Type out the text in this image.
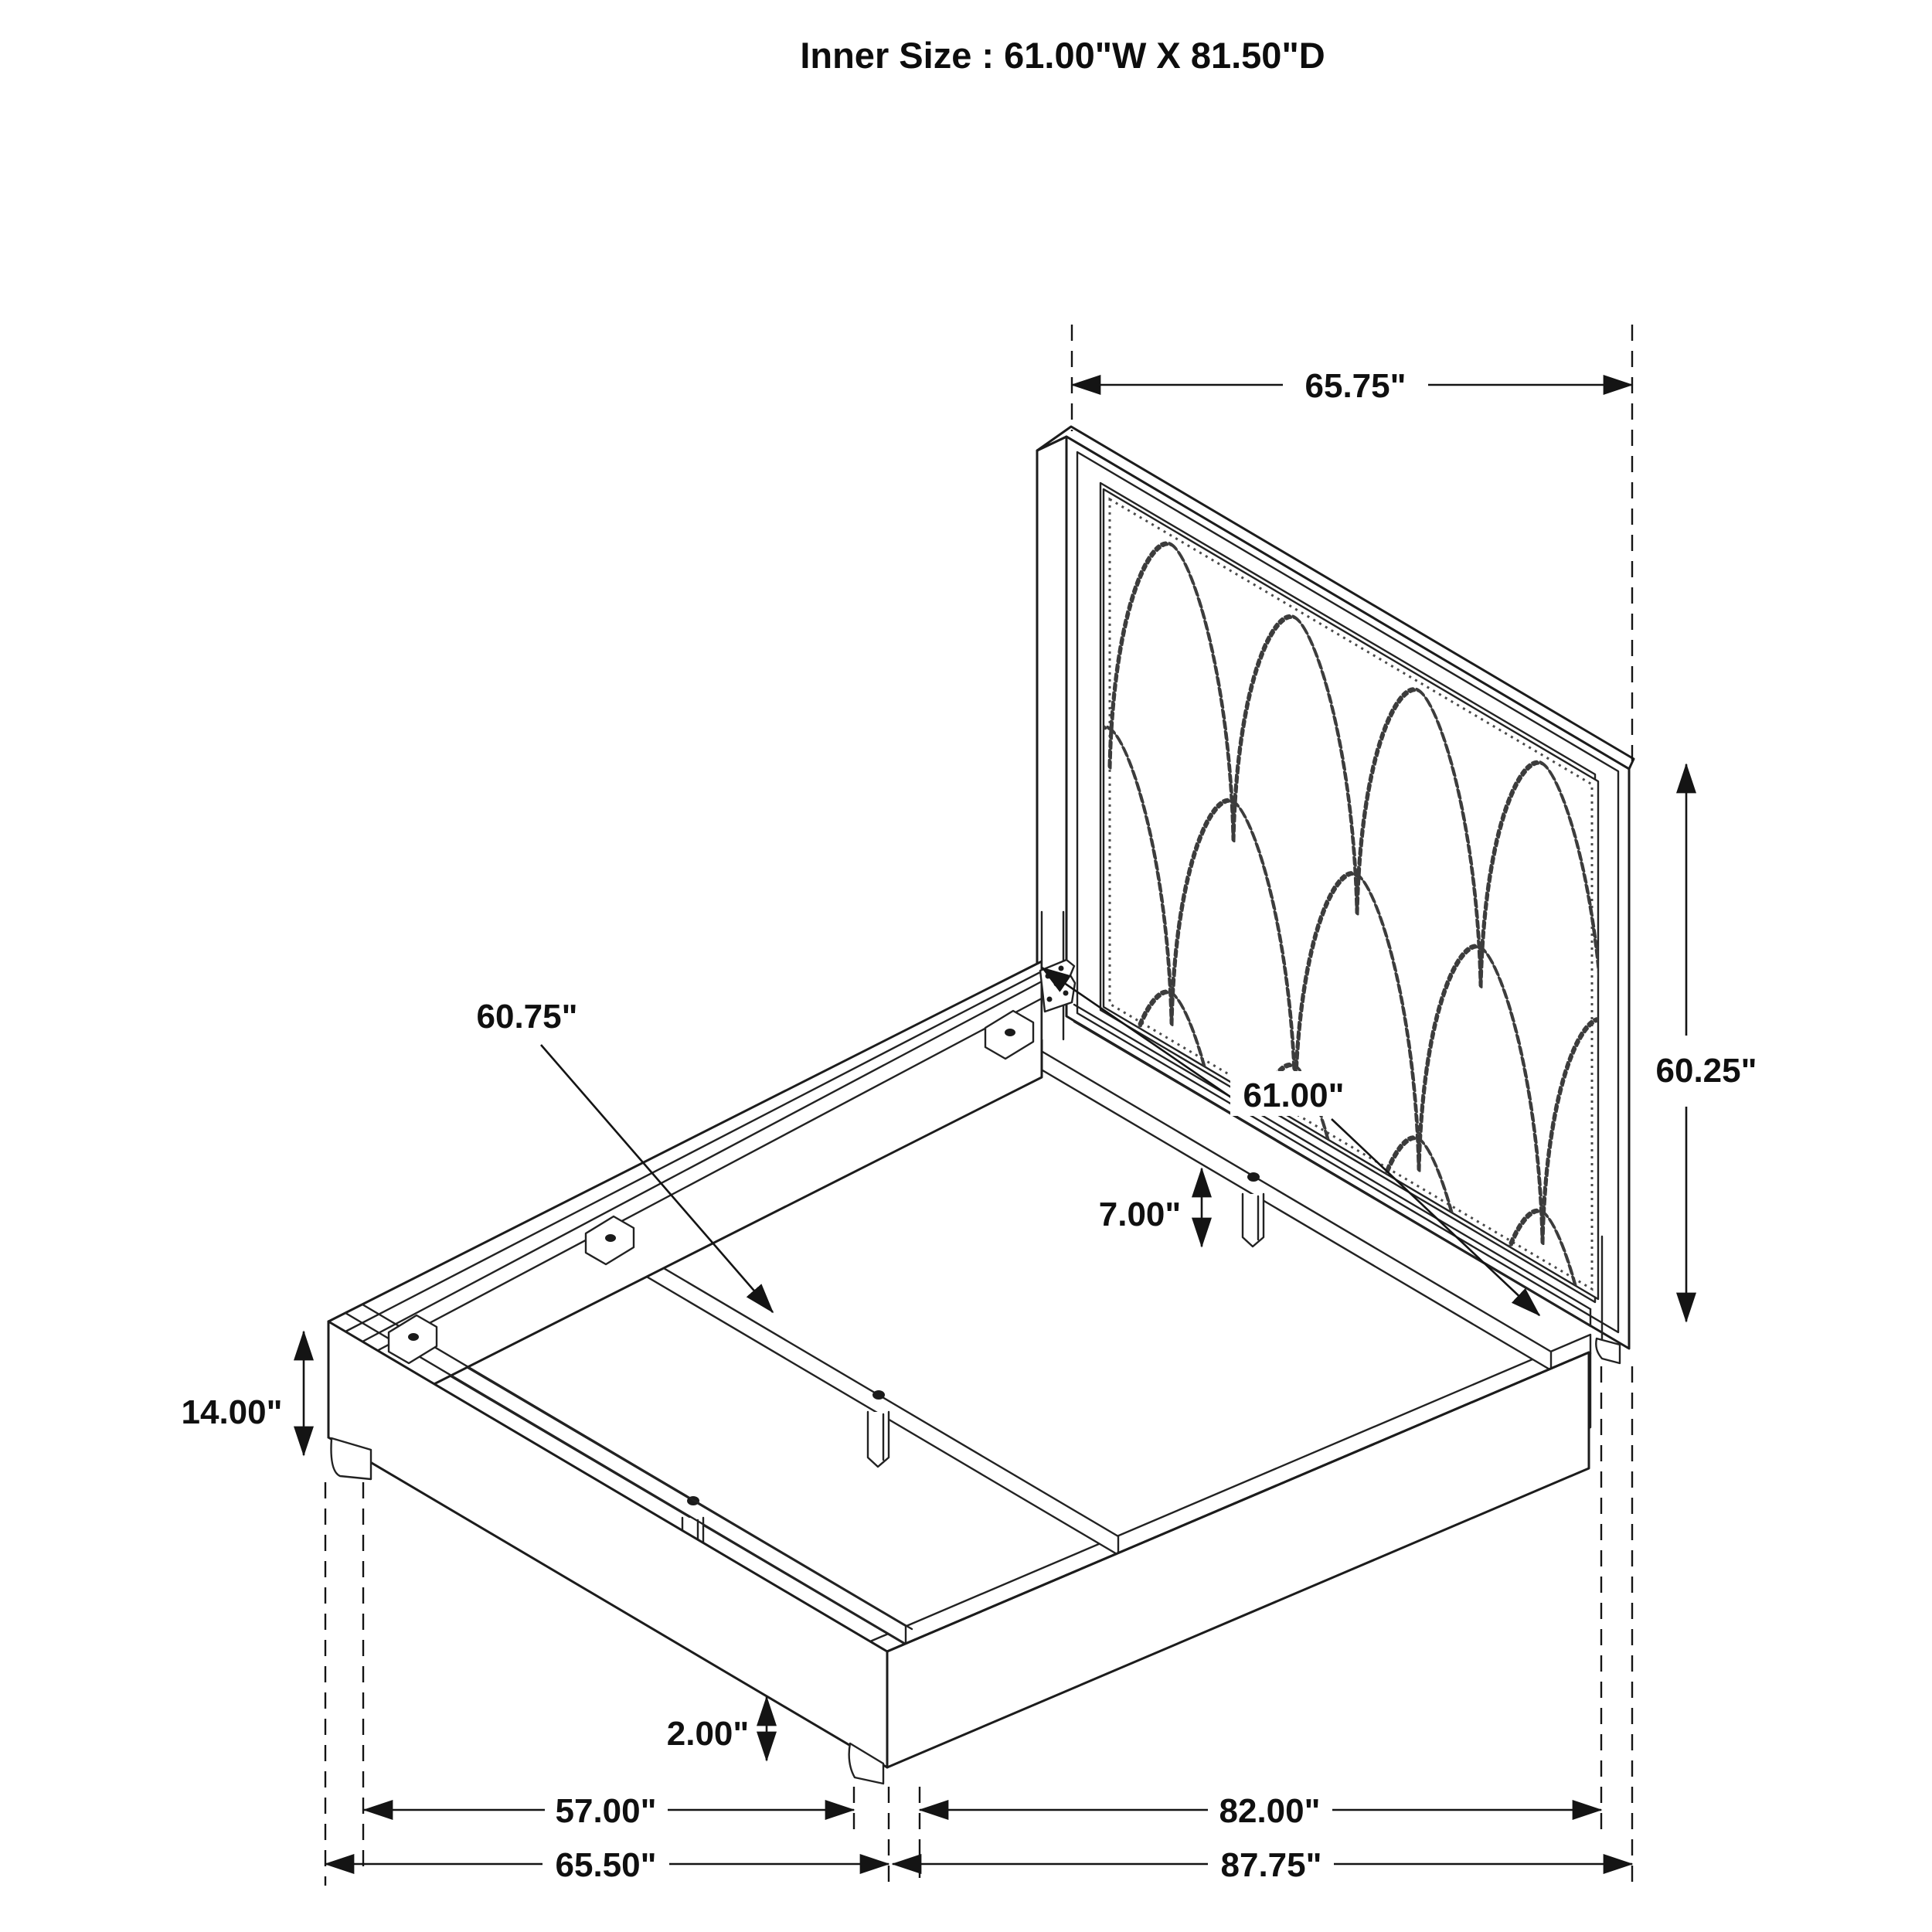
65.75"
60.25"
60.75"
61.00"
7.00"
14.00"
2.00"
57.00"	82.00"
65.50"	87.75"
Inner Size : 61.00"W X 81.50"D
